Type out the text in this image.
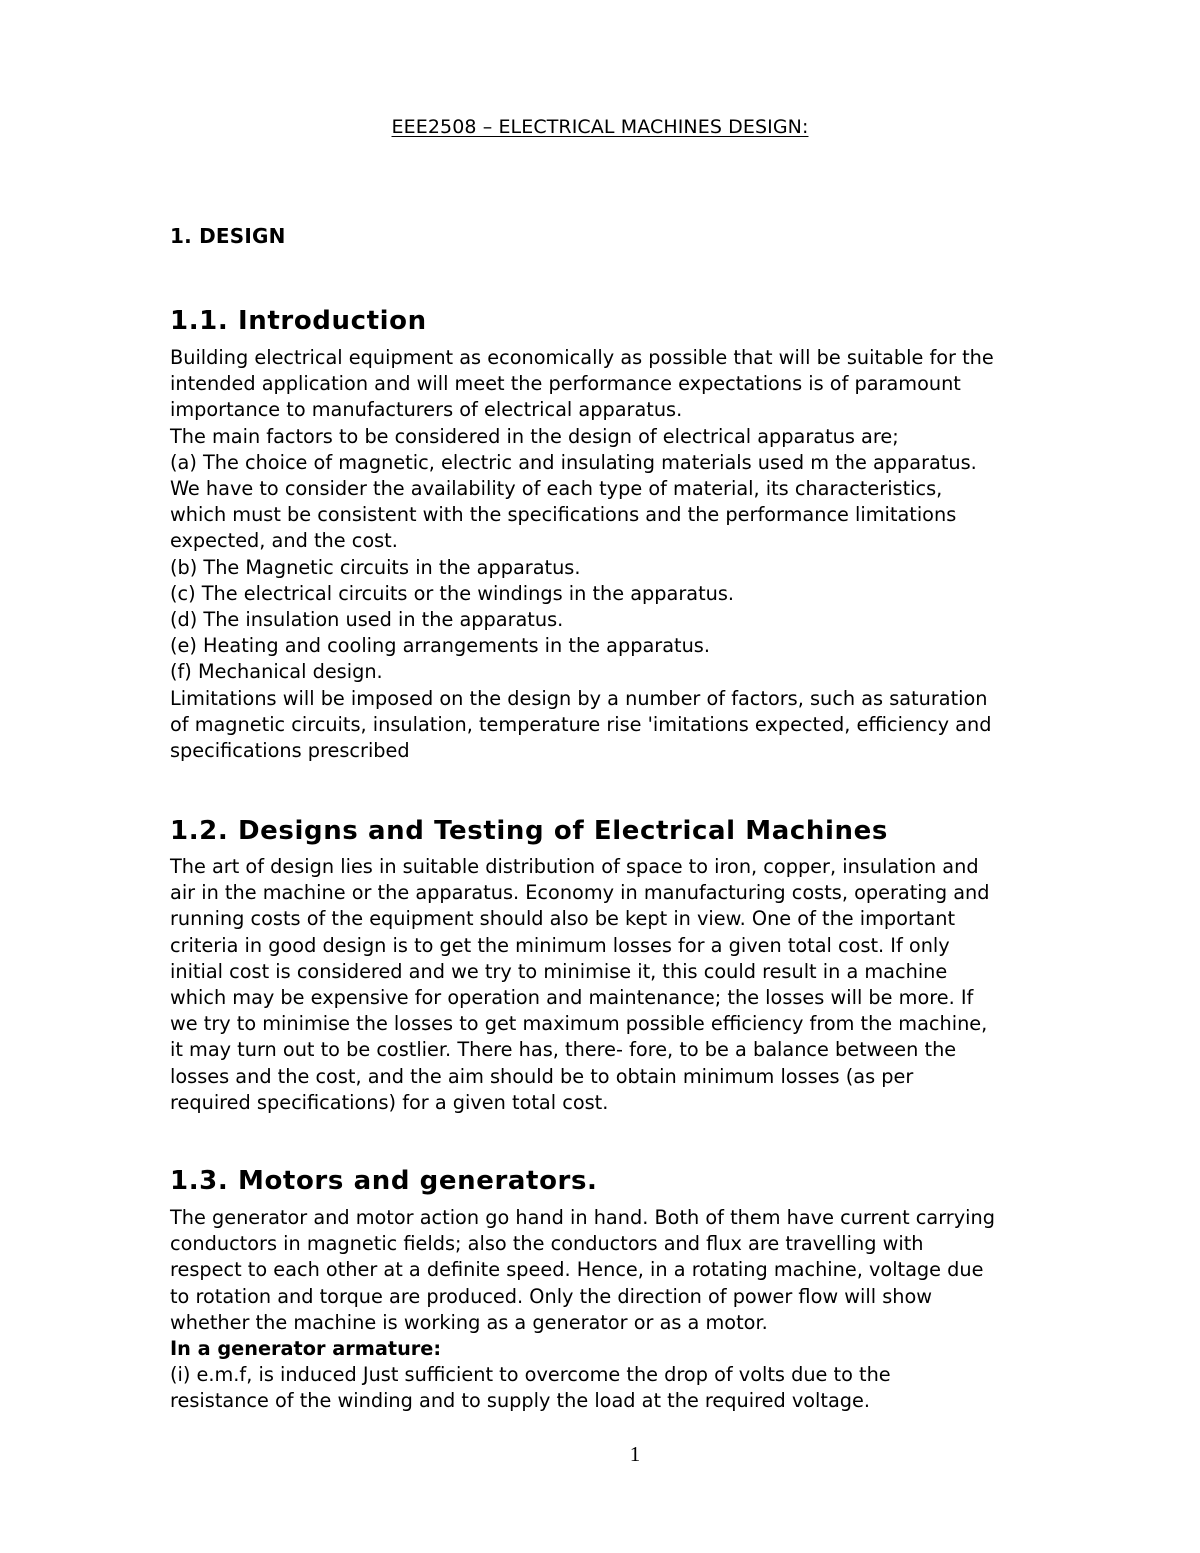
EEE2508 – ELECTRICAL MACHINES DESIGN:
1. DESIGN
1.1. Introduction
Building electrical equipment as economically as possible that will be suitable for the
intended application and will meet the performance expectations is of paramount
importance to manufacturers of electrical apparatus.
The main factors to be considered in the design of electrical apparatus are;
(a) The choice of magnetic, electric and insulating materials used m the apparatus.
We have to consider the availability of each type of material, its characteristics,
which must be consistent with the specifications and the performance limitations
expected, and the cost.
(b) The Magnetic circuits in the apparatus.
(c) The electrical circuits or the windings in the apparatus.
(d) The insulation used in the apparatus.
(e) Heating and cooling arrangements in the apparatus.
(f) Mechanical design.
Limitations will be imposed on the design by a number of factors, such as saturation
of magnetic circuits, insulation, temperature rise 'imitations expected, efficiency and
specifications prescribed
1.2. Designs and Testing of Electrical Machines
The art of design lies in suitable distribution of space to iron, copper, insulation and
air in the machine or the apparatus. Economy in manufacturing costs, operating and
running costs of the equipment should also be kept in view. One of the important
criteria in good design is to get the minimum losses for a given total cost. If only
initial cost is considered and we try to minimise it, this could result in a machine
which may be expensive for operation and maintenance; the losses will be more. If
we try to minimise the losses to get maximum possible efficiency from the machine,
it may turn out to be costlier. There has, there- fore, to be a balance between the
losses and the cost, and the aim should be to obtain minimum losses (as per
required specifications) for a given total cost.
1.3. Motors and generators.
The generator and motor action go hand in hand. Both of them have current carrying
conductors in magnetic fields; also the conductors and flux are travelling with
respect to each other at a definite speed. Hence, in a rotating machine, voltage due
to rotation and torque are produced. Only the direction of power flow will show
whether the machine is working as a generator or as a motor.
In a generator armature:
(i) e.m.f, is induced Just sufficient to overcome the drop of volts due to the
resistance of the winding and to supply the load at the required voltage.
1
